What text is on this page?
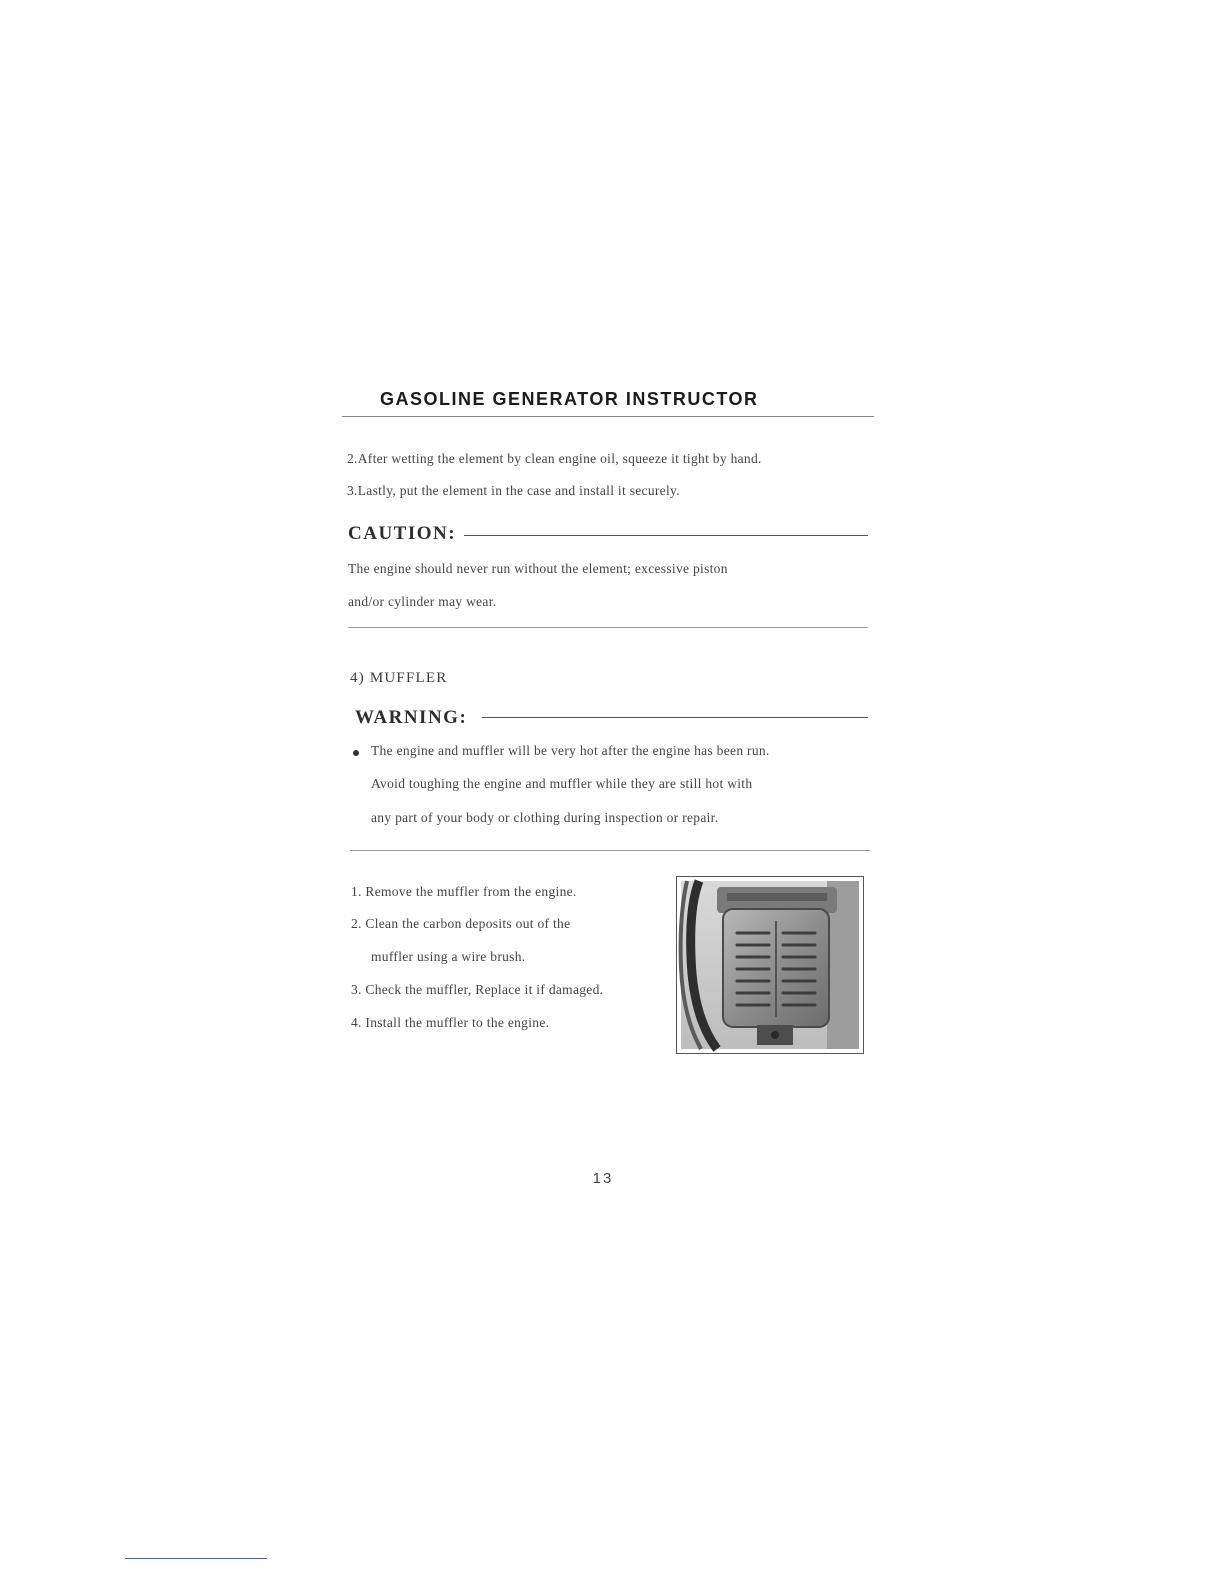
GASOLINE GENERATOR INSTRUCTOR
2.After wetting the element by clean engine oil, squeeze it tight by hand.
3.Lastly, put the element in the case and install it securely.
CAUTION:
The engine should never run without the element; excessive piston
and/or cylinder may wear.
4) MUFFLER
WARNING:
The engine and muffler will be very hot after the engine has been run.
Avoid toughing the engine and muffler while they are still hot with
any part of your body or clothing during inspection or repair.
1. Remove the muffler from the engine.
2. Clean the carbon deposits out of the
muffler using a wire brush.
3. Check the muffler, Replace it if damaged.
4. Install the muffler to the engine.
13
